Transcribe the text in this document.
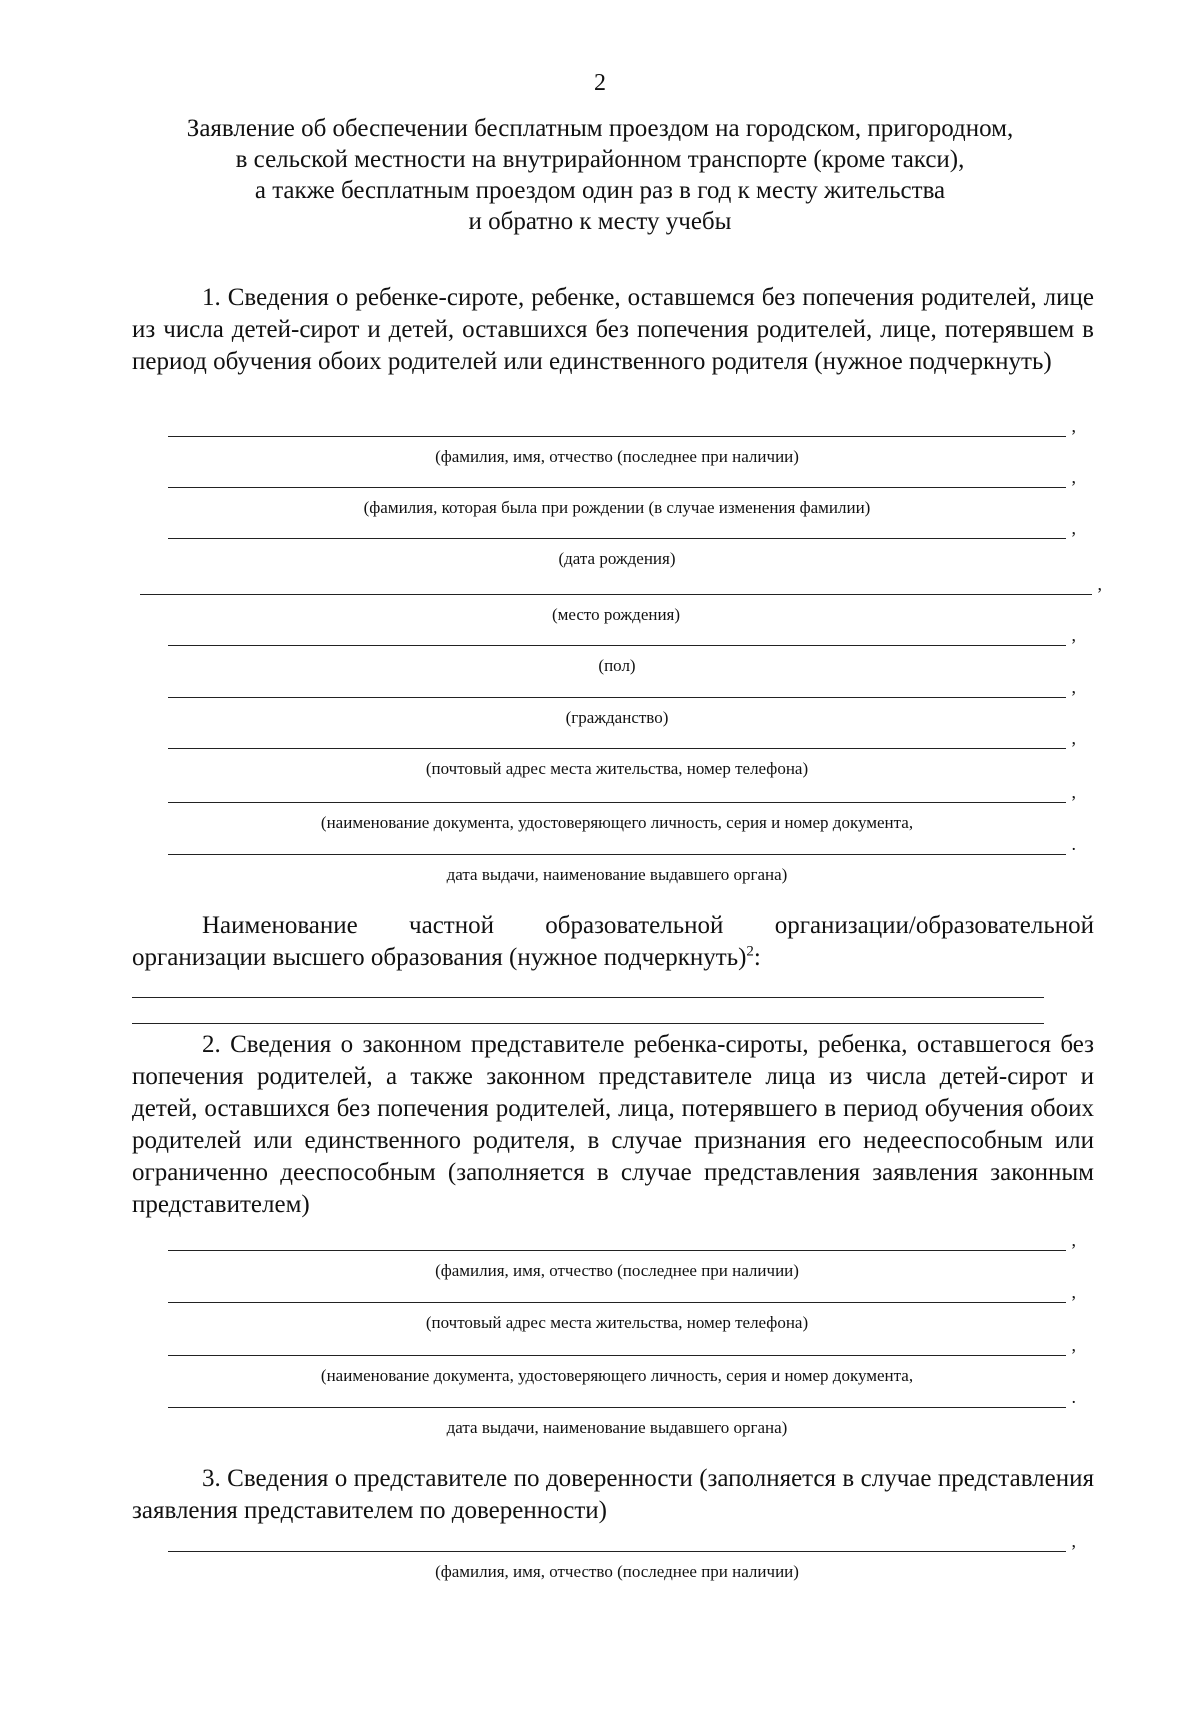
2
Заявление об обеспечении бесплатным проездом на городском, пригородном,
в сельской местности на внутрирайонном транспорте (кроме такси),
а также бесплатным проездом один раз в год к месту жительства
и обратно к месту учебы
1. Сведения о ребенке-сироте, ребенке, оставшемся без попечения родителей, лице из числа детей-сирот и детей, оставшихся без попечения родителей, лице, потерявшем в период обучения обоих родителей или единственного родителя (нужное подчеркнуть)
,
(фамилия, имя, отчество (последнее при наличии)
,
(фамилия, которая была при рождении (в случае изменения фамилии)
,
(дата рождения)
,
(место рождения)
,
(пол)
,
(гражданство)
,
(почтовый адрес места жительства, номер телефона)
,
(наименование документа, удостоверяющего личность, серия и номер документа,
.
дата выдачи, наименование выдавшего органа)
Наименование частной образовательной организации/образовательной организации высшего образования (нужное подчеркнуть)$^2$:
2. Сведения о законном представителе ребенка-сироты, ребенка, оставшегося без попечения родителей, а также законном представителе лица из числа детей-сирот и детей, оставшихся без попечения родителей, лица, потерявшего в период обучения обоих родителей или единственного родителя, в случае признания его недееспособным или ограниченно дееспособным (заполняется в случае представления заявления законным представителем)
,
(фамилия, имя, отчество (последнее при наличии)
,
(почтовый адрес места жительства, номер телефона)
,
(наименование документа, удостоверяющего личность, серия и номер документа,
.
дата выдачи, наименование выдавшего органа)
3. Сведения о представителе по доверенности (заполняется в случае представления заявления представителем по доверенности)
,
(фамилия, имя, отчество (последнее при наличии)
